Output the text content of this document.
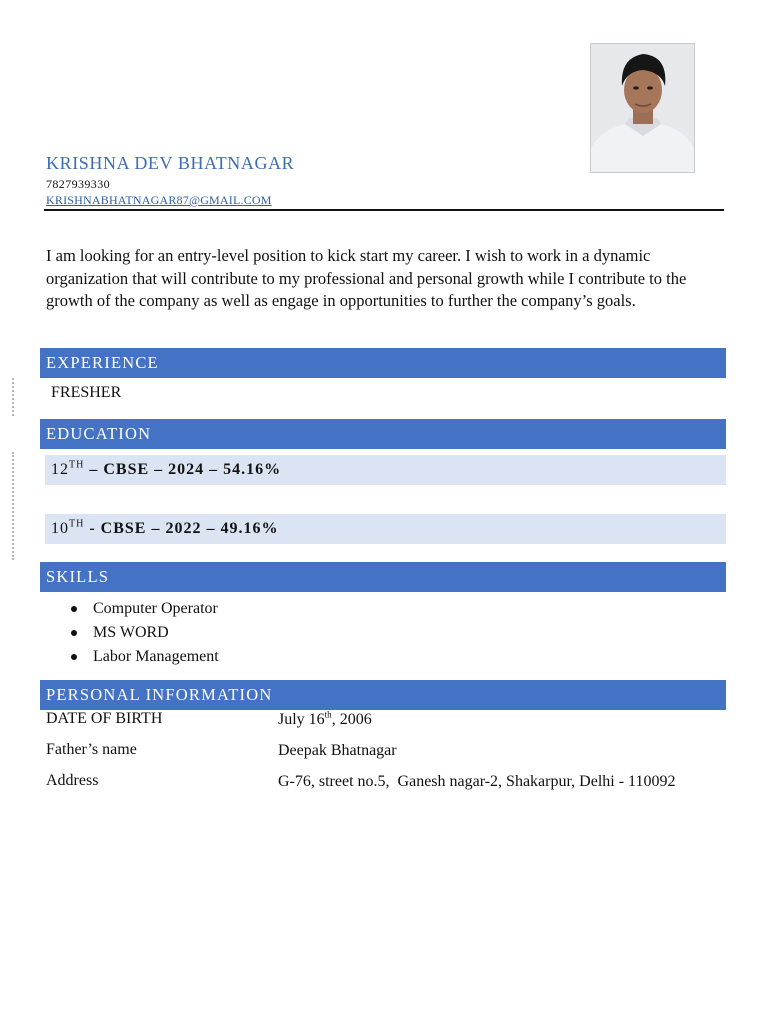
KRISHNA DEV BHATNAGAR
7827939330
KRISHNABHATNAGAR87@GMAIL.COM
I am looking for an entry-level position to kick start my career. I wish to work in a dynamic organization that will contribute to my professional and personal growth while I contribute to the growth of the company as well as engage in opportunities to further the company’s goals.
EXPERIENCE
FRESHER
EDUCATION
12TH – CBSE – 2024 – 54.16%
10TH - CBSE – 2022 – 49.16%
SKILLS
Computer Operator
MS WORD
Labor Management
PERSONAL INFORMATION
DATE OF BIRTH	July 16th, 2006
Father’s name	Deepak Bhatnagar
Address	G-76, street no.5,  Ganesh nagar-2, Shakarpur, Delhi - 110092
